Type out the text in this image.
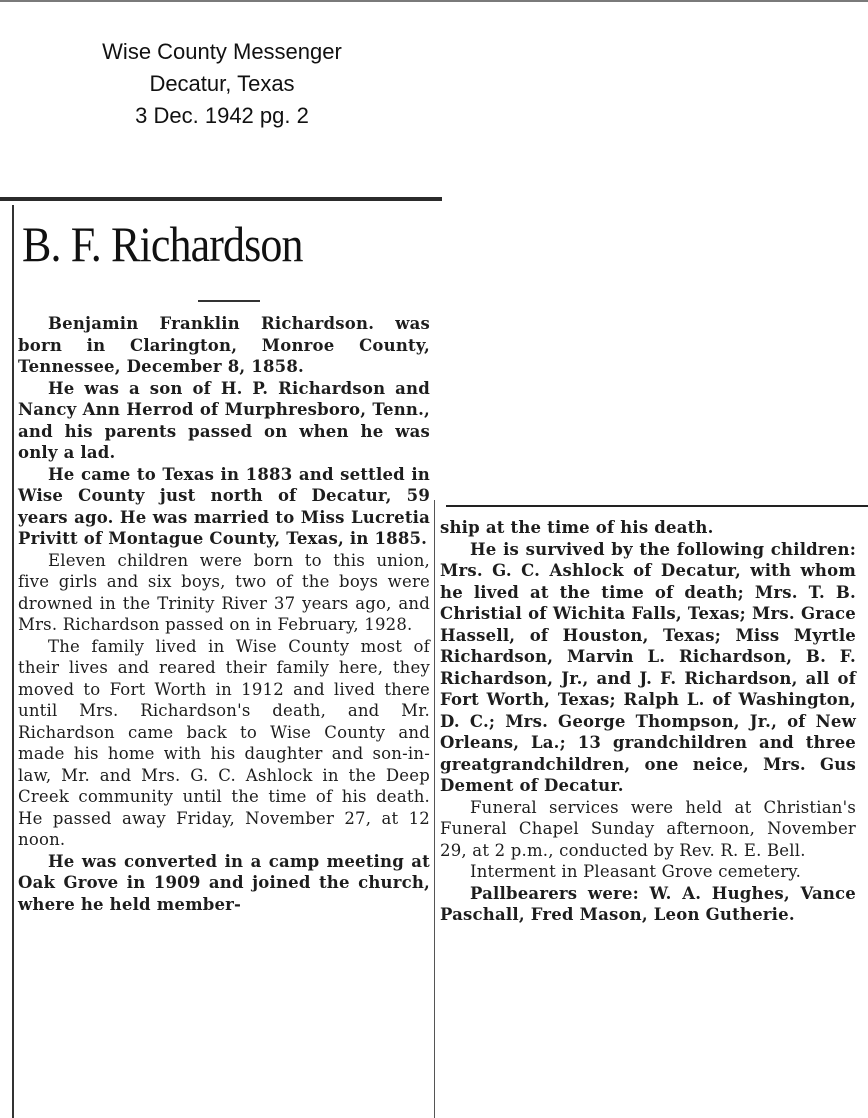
Wise County Messenger
Decatur, Texas
3 Dec. 1942 pg. 2
B. F. Richardson

Benjamin Franklin Richardson. was born in Clarington, Monroe County, Tennessee, December 8, 1858.

He was a son of H. P. Richardson and Nancy Ann Herrod of Murphresboro, Tenn., and his parents passed on when he was only a lad.

He came to Texas in 1883 and settled in Wise County just north of Decatur, 59 years ago. He was married to Miss Lucretia Privitt of Montague County, Texas, in 1885.

Eleven children were born to this union, five girls and six boys, two of the boys were drowned in the Trinity River 37 years ago, and Mrs. Richardson passed on in February, 1928.

The family lived in Wise County most of their lives and reared their family here, they moved to Fort Worth in 1912 and lived there until Mrs. Richardson's death, and Mr. Richardson came back to Wise County and made his home with his daughter and son-in-law, Mr. and Mrs. G. C. Ashlock in the Deep Creek community until the time of his death. He passed away Friday, November 27, at 12 noon.

He was converted in a camp meeting at Oak Grove in 1909 and joined the church, where he held member-

ship at the time of his death.

He is survived by the following children: Mrs. G. C. Ashlock of Decatur, with whom he lived at the time of death; Mrs. T. B. Christial of Wichita Falls, Texas; Mrs. Grace Hassell, of Houston, Texas; Miss Myrtle Richardson, Marvin L. Richardson, B. F. Richardson, Jr., and J. F. Richardson, all of Fort Worth, Texas; Ralph L. of Washington, D. C.; Mrs. George Thompson, Jr., of New Orleans, La.; 13 grandchildren and three greatgrandchildren, one neice, Mrs. Gus Dement of Decatur.

Funeral services were held at Christian's Funeral Chapel Sunday afternoon, November 29, at 2 p.m., conducted by Rev. R. E. Bell.

Interment in Pleasant Grove cemetery.

Pallbearers were: W. A. Hughes, Vance Paschall, Fred Mason, Leon Gutherie.
